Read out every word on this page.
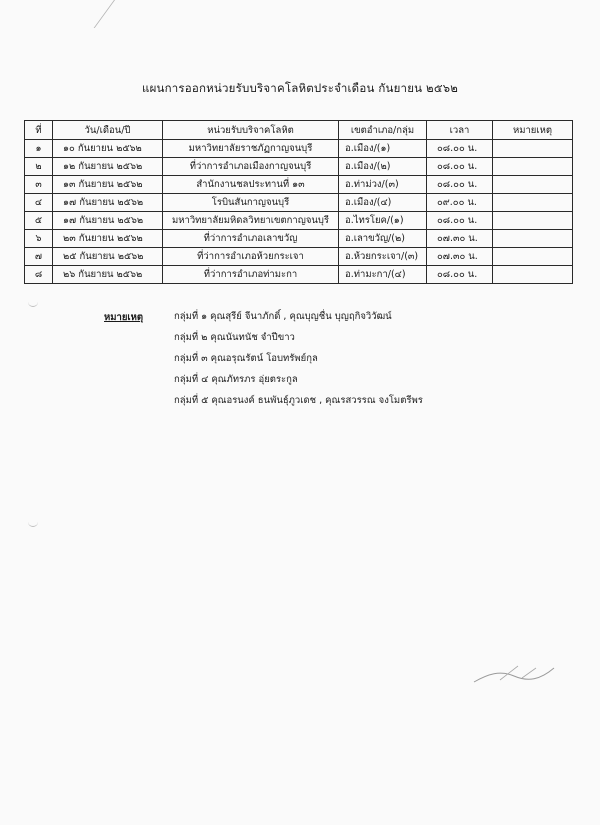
แผนการออกหน่วยรับบริจาคโลหิตประจำเดือน กันยายน ๒๕๖๒
ที่	วัน/เดือน/ปี	หน่วยรับบริจาคโลหิต	เขตอำเภอ/กลุ่ม	เวลา	หมายเหตุ
๑	๑๐ กันยายน ๒๕๖๒	มหาวิทยาลัยราชภัฏกาญจนบุรี	อ.เมือง/(๑)	๐๘.๐๐ น.	
๒	๑๒ กันยายน ๒๕๖๒	ที่ว่าการอำเภอเมืองกาญจนบุรี	อ.เมือง/(๒)	๐๘.๐๐ น.	
๓	๑๓ กันยายน ๒๕๖๒	สำนักงานชลประทานที่ ๑๓	อ.ท่าม่วง/(๓)	๐๘.๐๐ น.	
๔	๑๗ กันยายน ๒๕๖๒	โรบินสันกาญจนบุรี	อ.เมือง/(๔)	๐๙.๐๐ น.	
๕	๑๗ กันยายน ๒๕๖๒	มหาวิทยาลัยมหิดลวิทยาเขตกาญจนบุรี	อ.ไทรโยค/(๑)	๐๘.๐๐ น.	
๖	๒๓ กันยายน ๒๕๖๒	ที่ว่าการอำเภอเลาขวัญ	อ.เลาขวัญ/(๒)	๐๗.๓๐ น.	
๗	๒๕ กันยายน ๒๕๖๒	ที่ว่าการอำเภอห้วยกระเจา	อ.ห้วยกระเจา/(๓)	๐๗.๓๐ น.	
๘	๒๖ กันยายน ๒๕๖๒	ที่ว่าการอำเภอท่ามะกา	อ.ท่ามะกา/(๔)	๐๘.๐๐ น.	
หมายเหตุ	กลุ่มที่ ๑ คุณสุรีย์ จีนาภักดิ์ , คุณบุญชื่น บุญฤกิจวิวัฒน์
กลุ่มที่ ๒ คุณนันทนัช จำปีขาว
กลุ่มที่ ๓ คุณอรุณรัตน์ โอบทรัพย์กุล
กลุ่มที่ ๔ คุณภัทรภร อุ่ยตระกูล
กลุ่มที่ ๕ คุณอรนงค์ ธนพันธุ์ภูวเดช , คุณรสวรรณ จงโมตรีพร
